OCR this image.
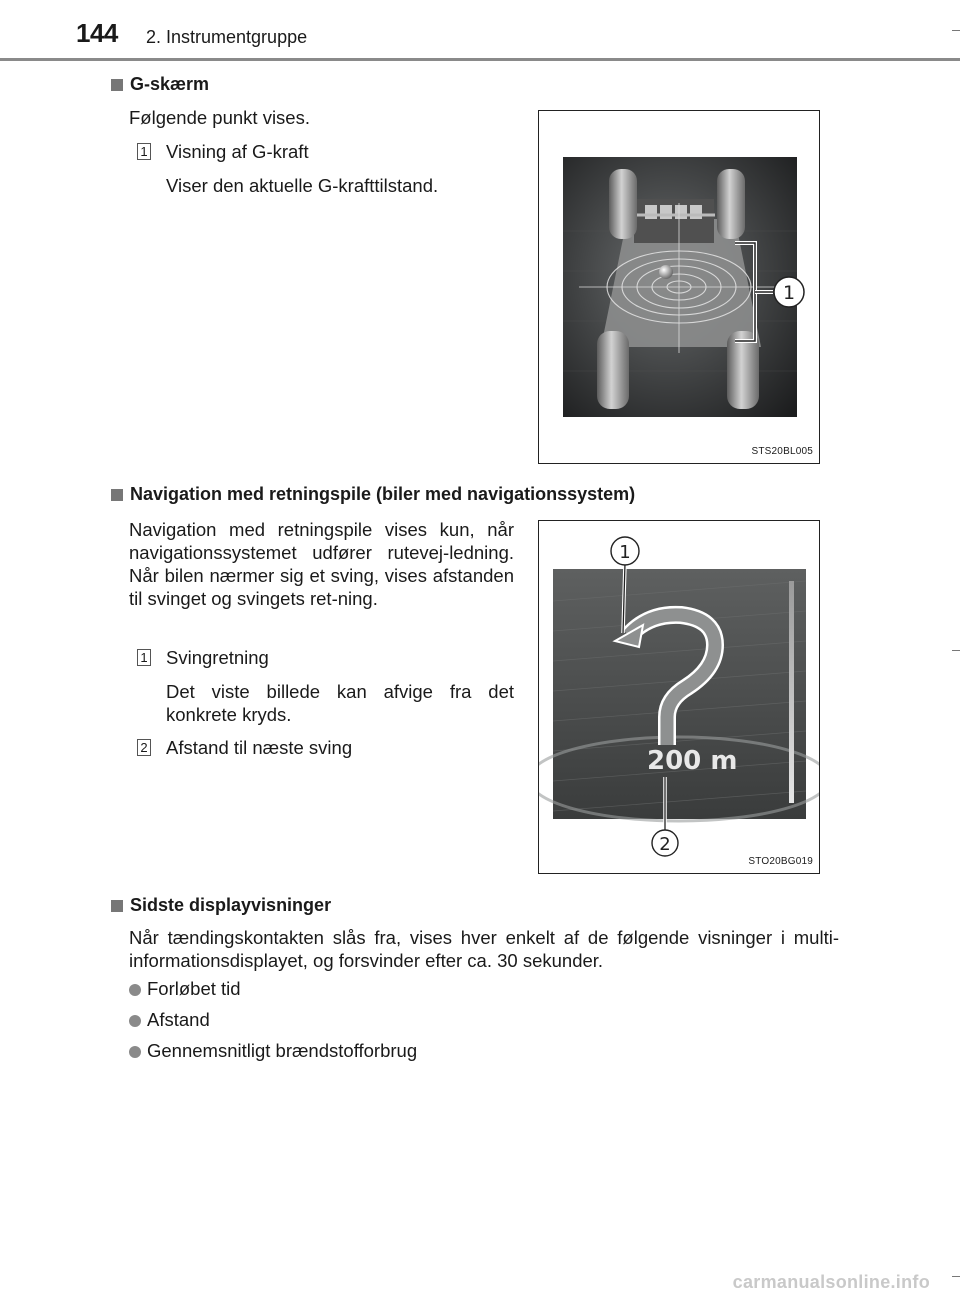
144 2. Instrumentgruppe
G-skærm
Følgende punkt vises.
1 Visning af G-kraft
Viser den aktuelle G-krafttilstand.
1
STS20BL005
Navigation med retningspile (biler med navigationssystem)
Navigation med retningspile vises kun, når navigationssystemet udfører rutevej-ledning. Når bilen nærmer sig et sving, vises afstanden til svinget og svingets ret-ning.
1 Svingretning
Det viste billede kan afvige fra det konkrete kryds.
2 Afstand til næste sving
1
200 m
2
STO20BG019
Sidste displayvisninger
Når tændingskontakten slås fra, vises hver enkelt af de følgende visninger i multi-informationsdisplayet, og forsvinder efter ca. 30 sekunder.
Forløbet tid
Afstand
Gennemsnitligt brændstofforbrug
carmanualsonline.info
